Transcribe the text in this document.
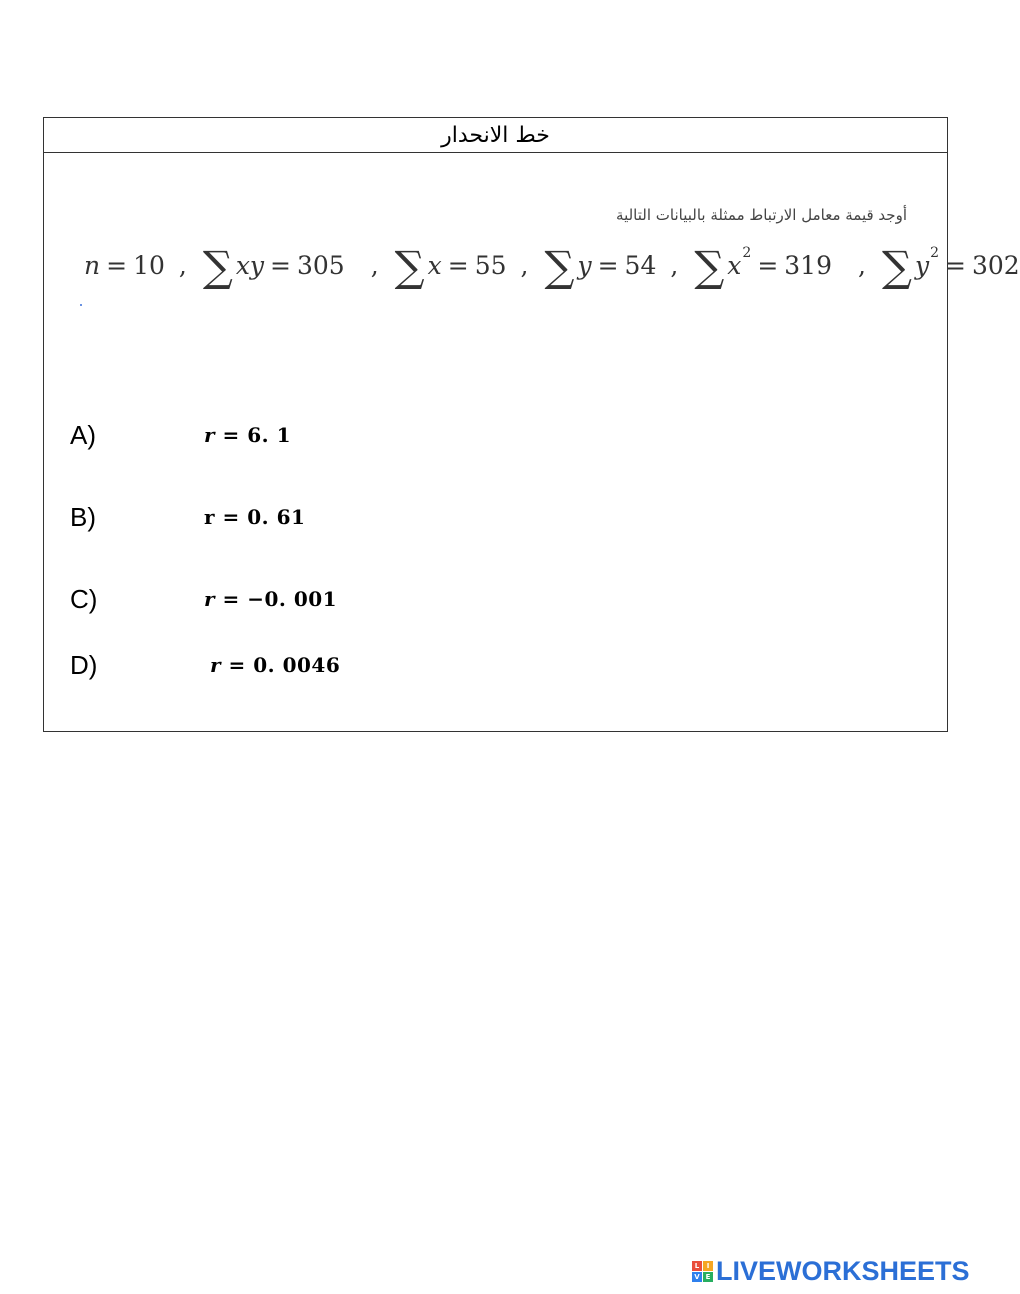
خط الانحدار
أوجد قيمة معامل الارتباط ممثلة بالبيانات التالية
n = 10 , ∑ xy = 305 , ∑ x = 55 , ∑ y = 54 , ∑ x 2 = 319 , ∑ y 2 = 302
A)	r = 6. 1
B)	r = 0. 61
C)	r = −0. 001
D)	r = 0. 0046
L	I
V E LIVEWORKSHEETS
